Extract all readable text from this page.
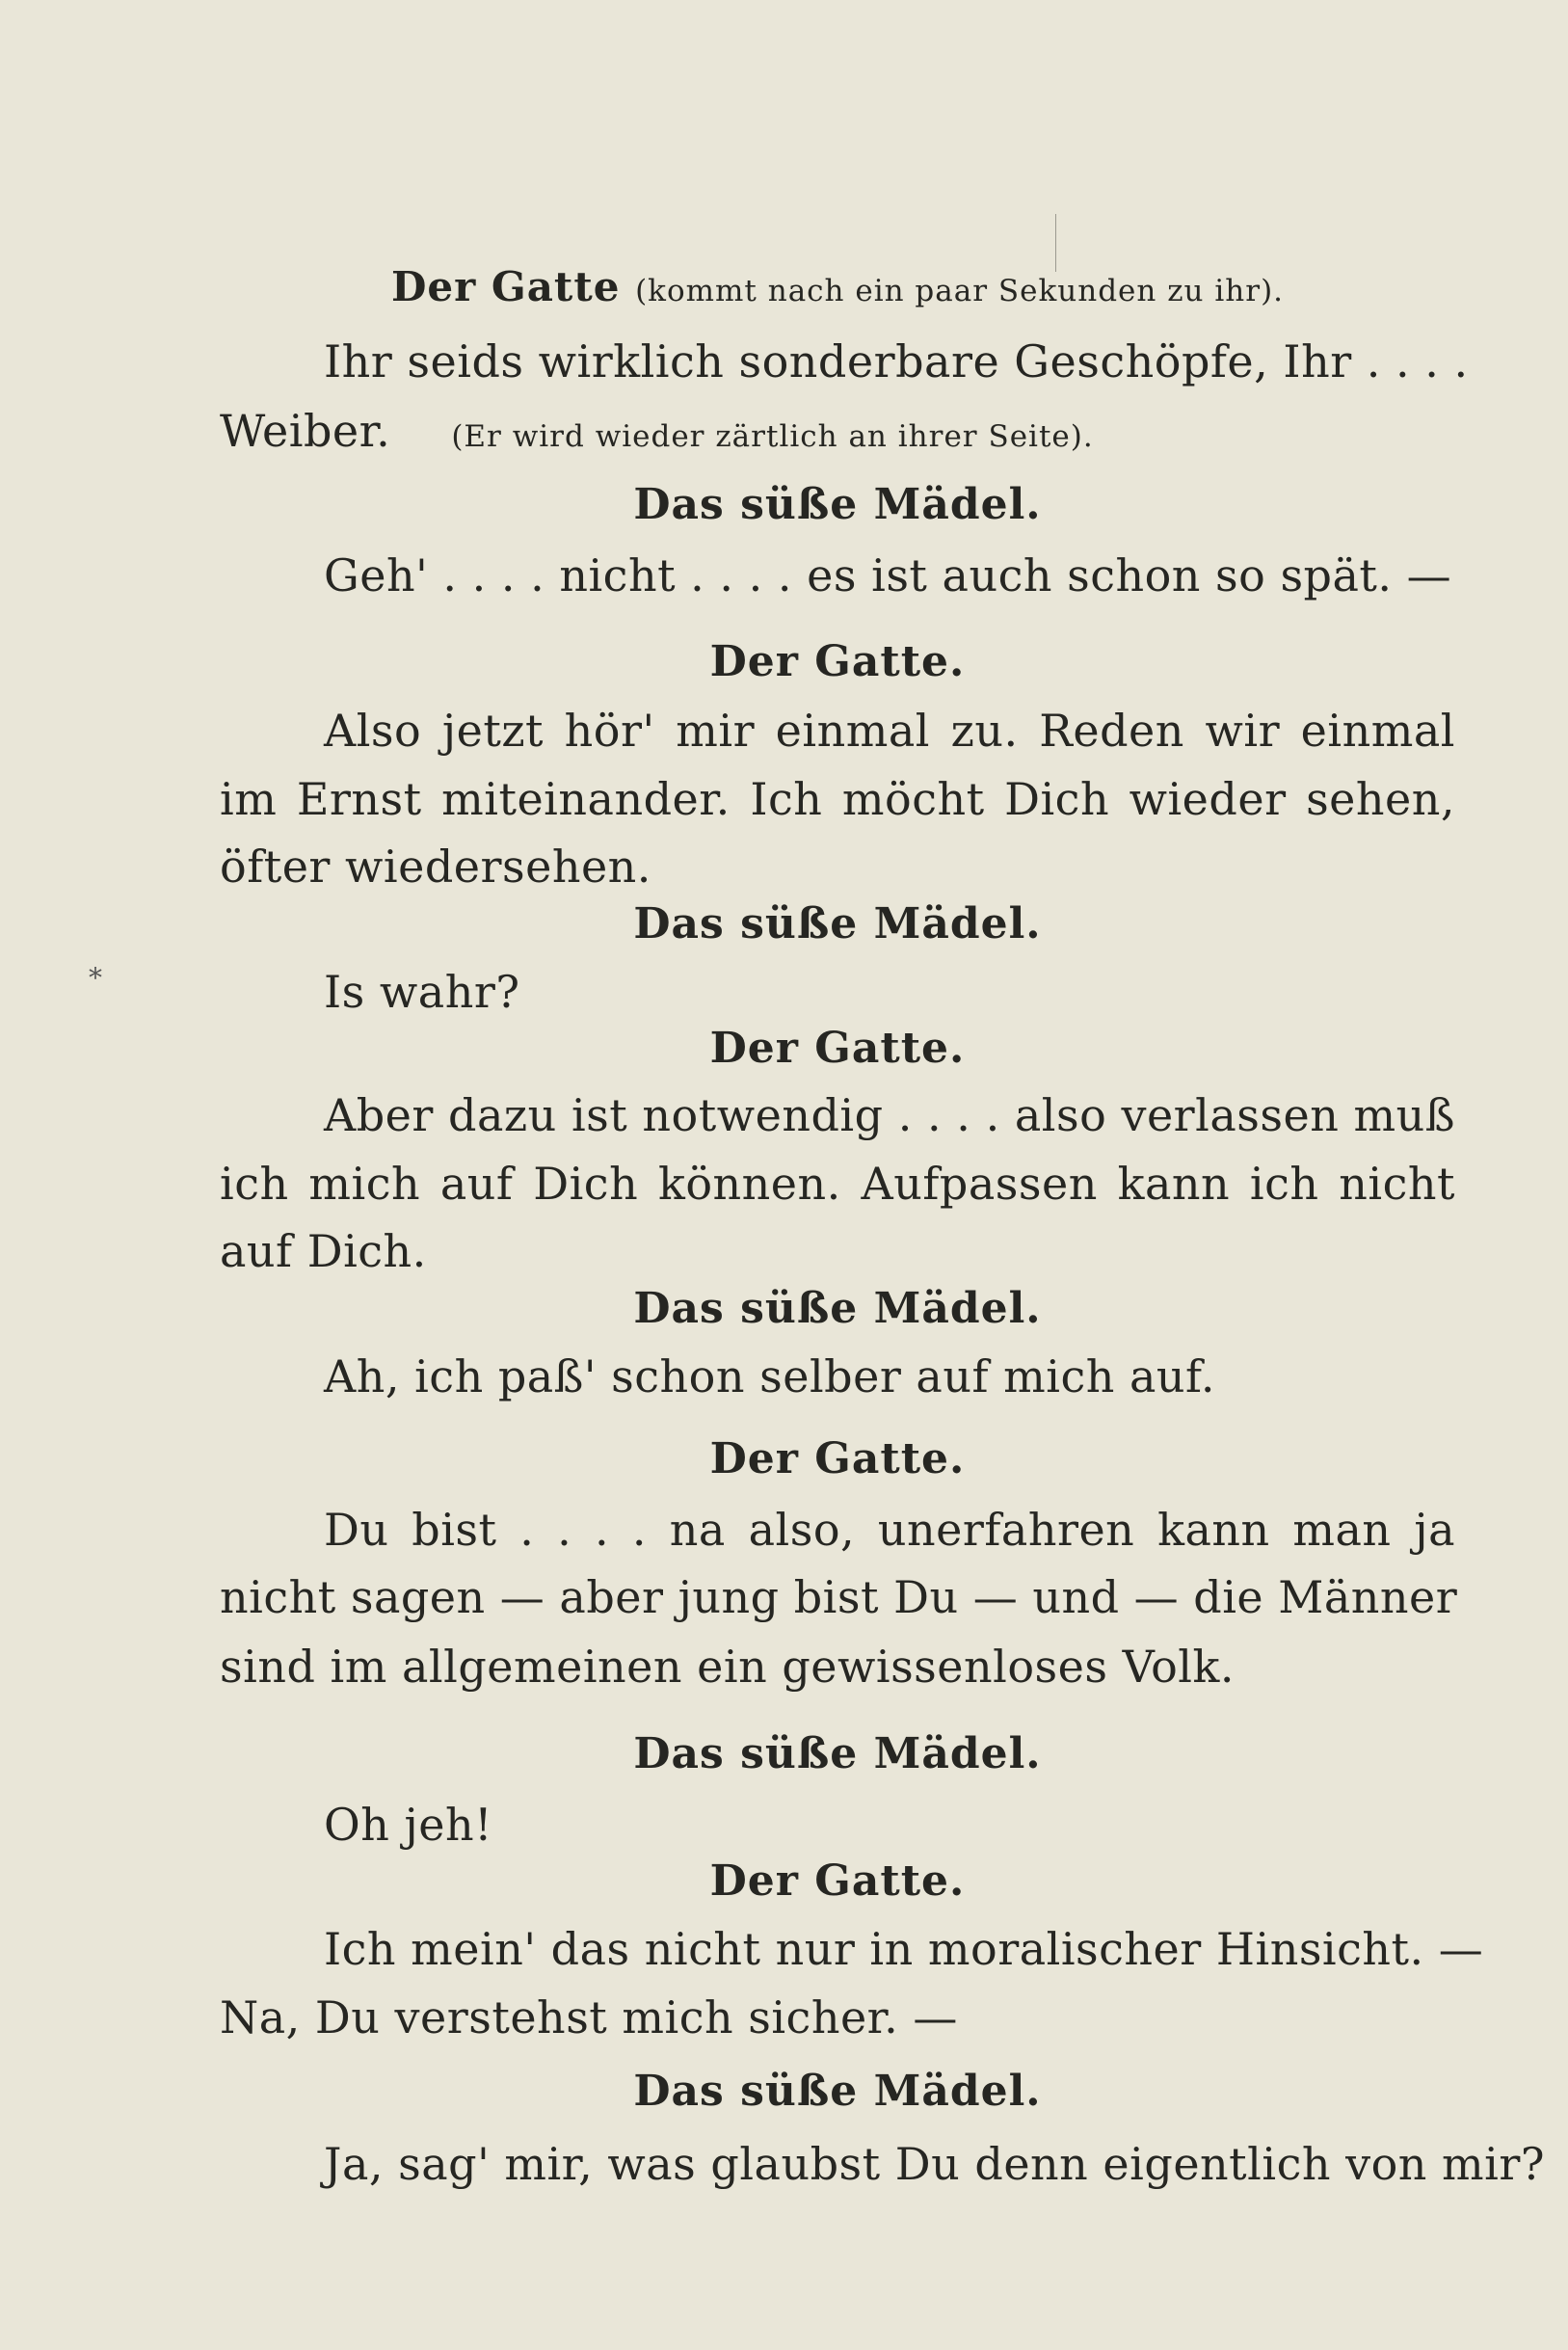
*
Der Gatte (kommt nach ein paar Sekunden zu ihr).
Ihr seids wirklich sonderbare Geschöpfe, Ihr . . . .
Weiber. (Er wird wieder zärtlich an ihrer Seite).
Das süße Mädel.
Geh' . . . . nicht . . . . es ist auch schon so spät. —
Der Gatte.
Also jetzt hör' mir einmal zu. Reden wir einmal
im Ernst miteinander. Ich möcht Dich wieder sehen,
öfter wiedersehen.
Das süße Mädel.
Is wahr?
Der Gatte.
Aber dazu ist notwendig . . . . also verlassen muß
ich mich auf Dich können. Aufpassen kann ich nicht
auf Dich.
Das süße Mädel.
Ah, ich paß' schon selber auf mich auf.
Der Gatte.
Du bist . . . . na also, unerfahren kann man ja
nicht sagen — aber jung bist Du — und — die Männer
sind im allgemeinen ein gewissenloses Volk.
Das süße Mädel.
Oh jeh!
Der Gatte.
Ich mein' das nicht nur in moralischer Hinsicht. —
Na, Du verstehst mich sicher. —
Das süße Mädel.
Ja, sag' mir, was glaubst Du denn eigentlich von mir?
